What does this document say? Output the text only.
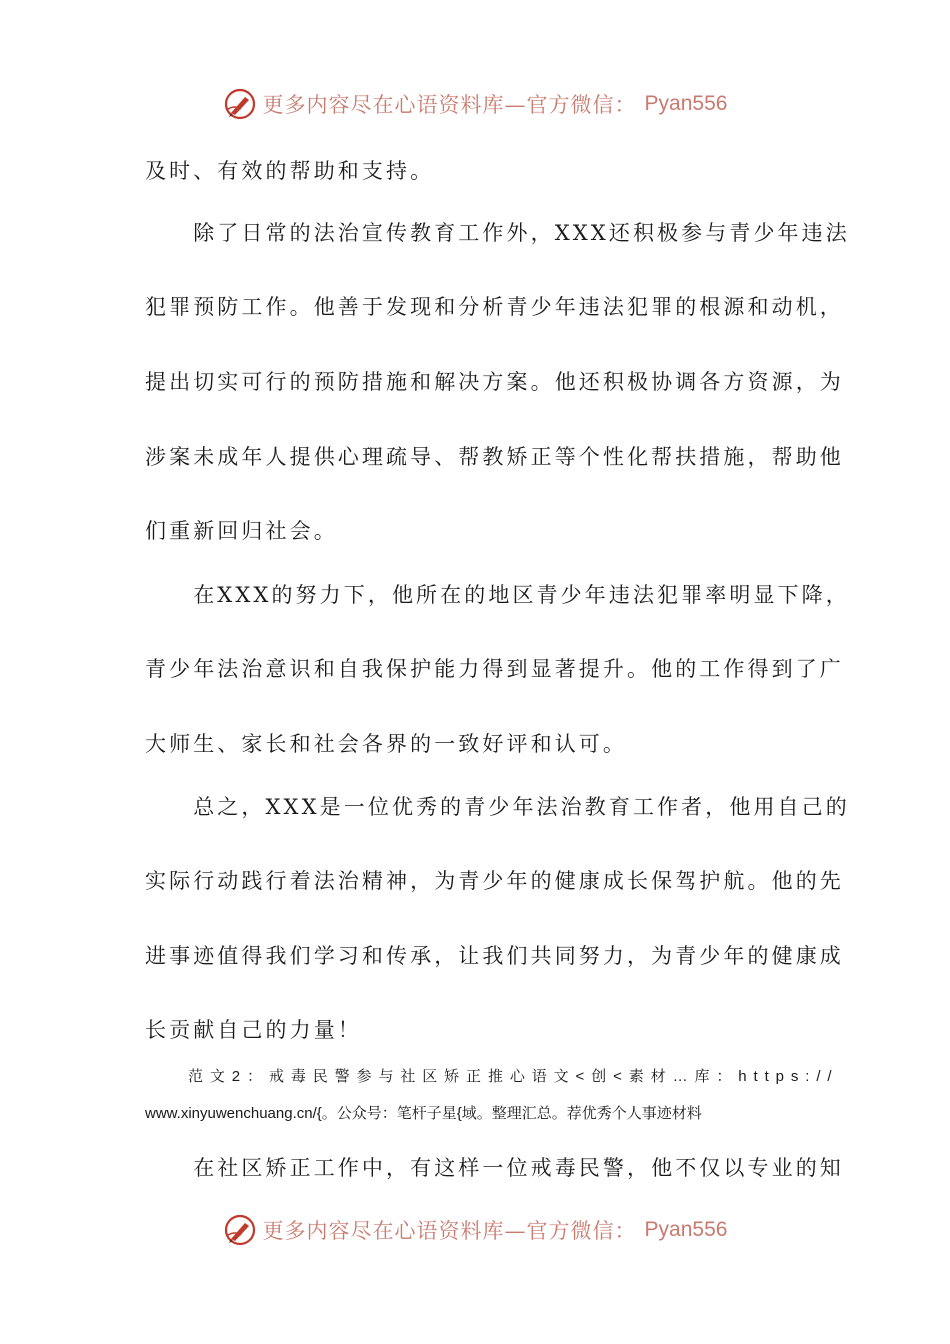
更多内容尽在心语资料库—官方微信： Pyan556
及时、有效的帮助和支持。
　　除了日常的法治宣传教育工作外，XXX还积极参与青少年违法
犯罪预防工作。他善于发现和分析青少年违法犯罪的根源和动机，
提出切实可行的预防措施和解决方案。他还积极协调各方资源，为
涉案未成年人提供心理疏导、帮教矫正等个性化帮扶措施，帮助他
们重新回归社会。
　　在XXX的努力下，他所在的地区青少年违法犯罪率明显下降，
青少年法治意识和自我保护能力得到显著提升。他的工作得到了广
大师生、家长和社会各界的一致好评和认可。
　　总之，XXX是一位优秀的青少年法治教育工作者，他用自己的
实际行动践行着法治精神，为青少年的健康成长保驾护航。他的先
进事迹值得我们学习和传承，让我们共同努力，为青少年的健康成
长贡献自己的力量！
范文2：戒毒民警参与社区矫正推心语文<创<素材…库：https://
www.xinyuwenchuang.cn/{。公众号：笔杆子星{域。整理汇总。荐优秀个人事迹材料
　　在社区矫正工作中，有这样一位戒毒民警，他不仅以专业的知
更多内容尽在心语资料库—官方微信： Pyan556
